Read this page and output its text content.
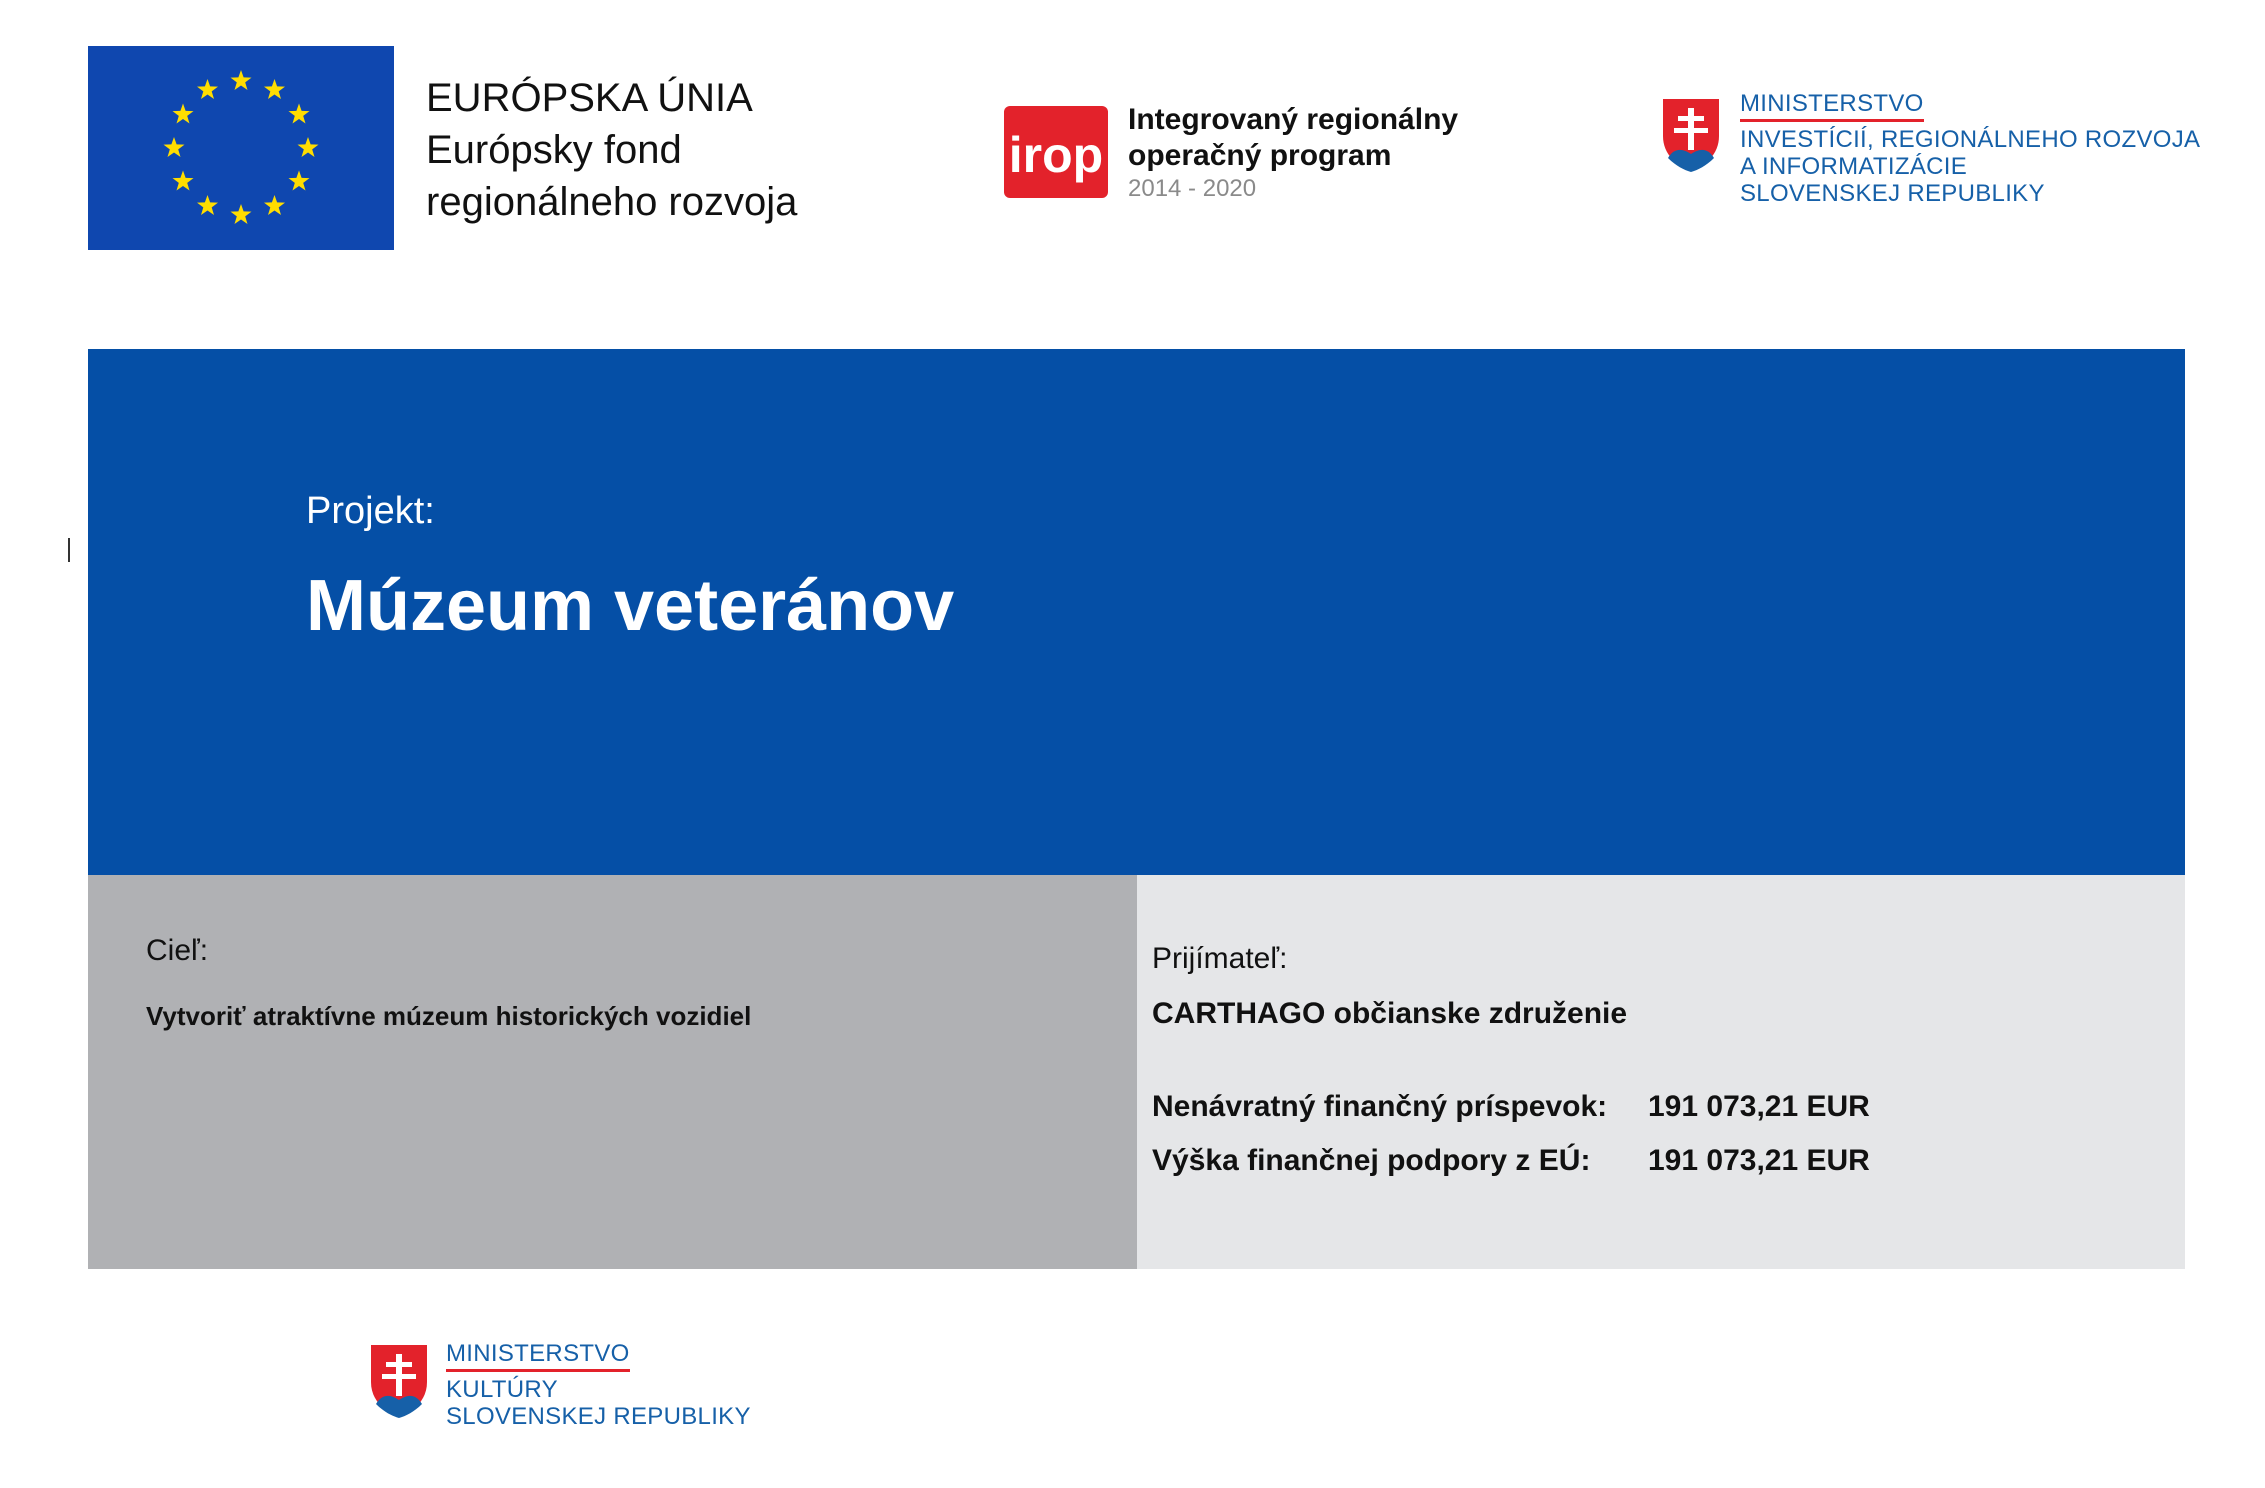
EURÓPSKA ÚNIA
Európsky fond
regionálneho rozvoja
irop
Integrovaný regionálny
operačný program
2014 - 2020
MINISTERSTVO
INVESTÍCIÍ, REGIONÁLNEHO ROZVOJA
A INFORMATIZÁCIE
SLOVENSKEJ REPUBLIKY
Projekt:
Múzeum veteránov
Cieľ:
Vytvoriť atraktívne múzeum historických vozidiel
Prijímateľ:
CARTHAGO občianske združenie
Nenávratný finančný príspevok: 191 073,21 EUR
Výška finančnej podpory z EÚ: 191 073,21 EUR
MINISTERSTVO
KULTÚRY
SLOVENSKEJ REPUBLIKY
